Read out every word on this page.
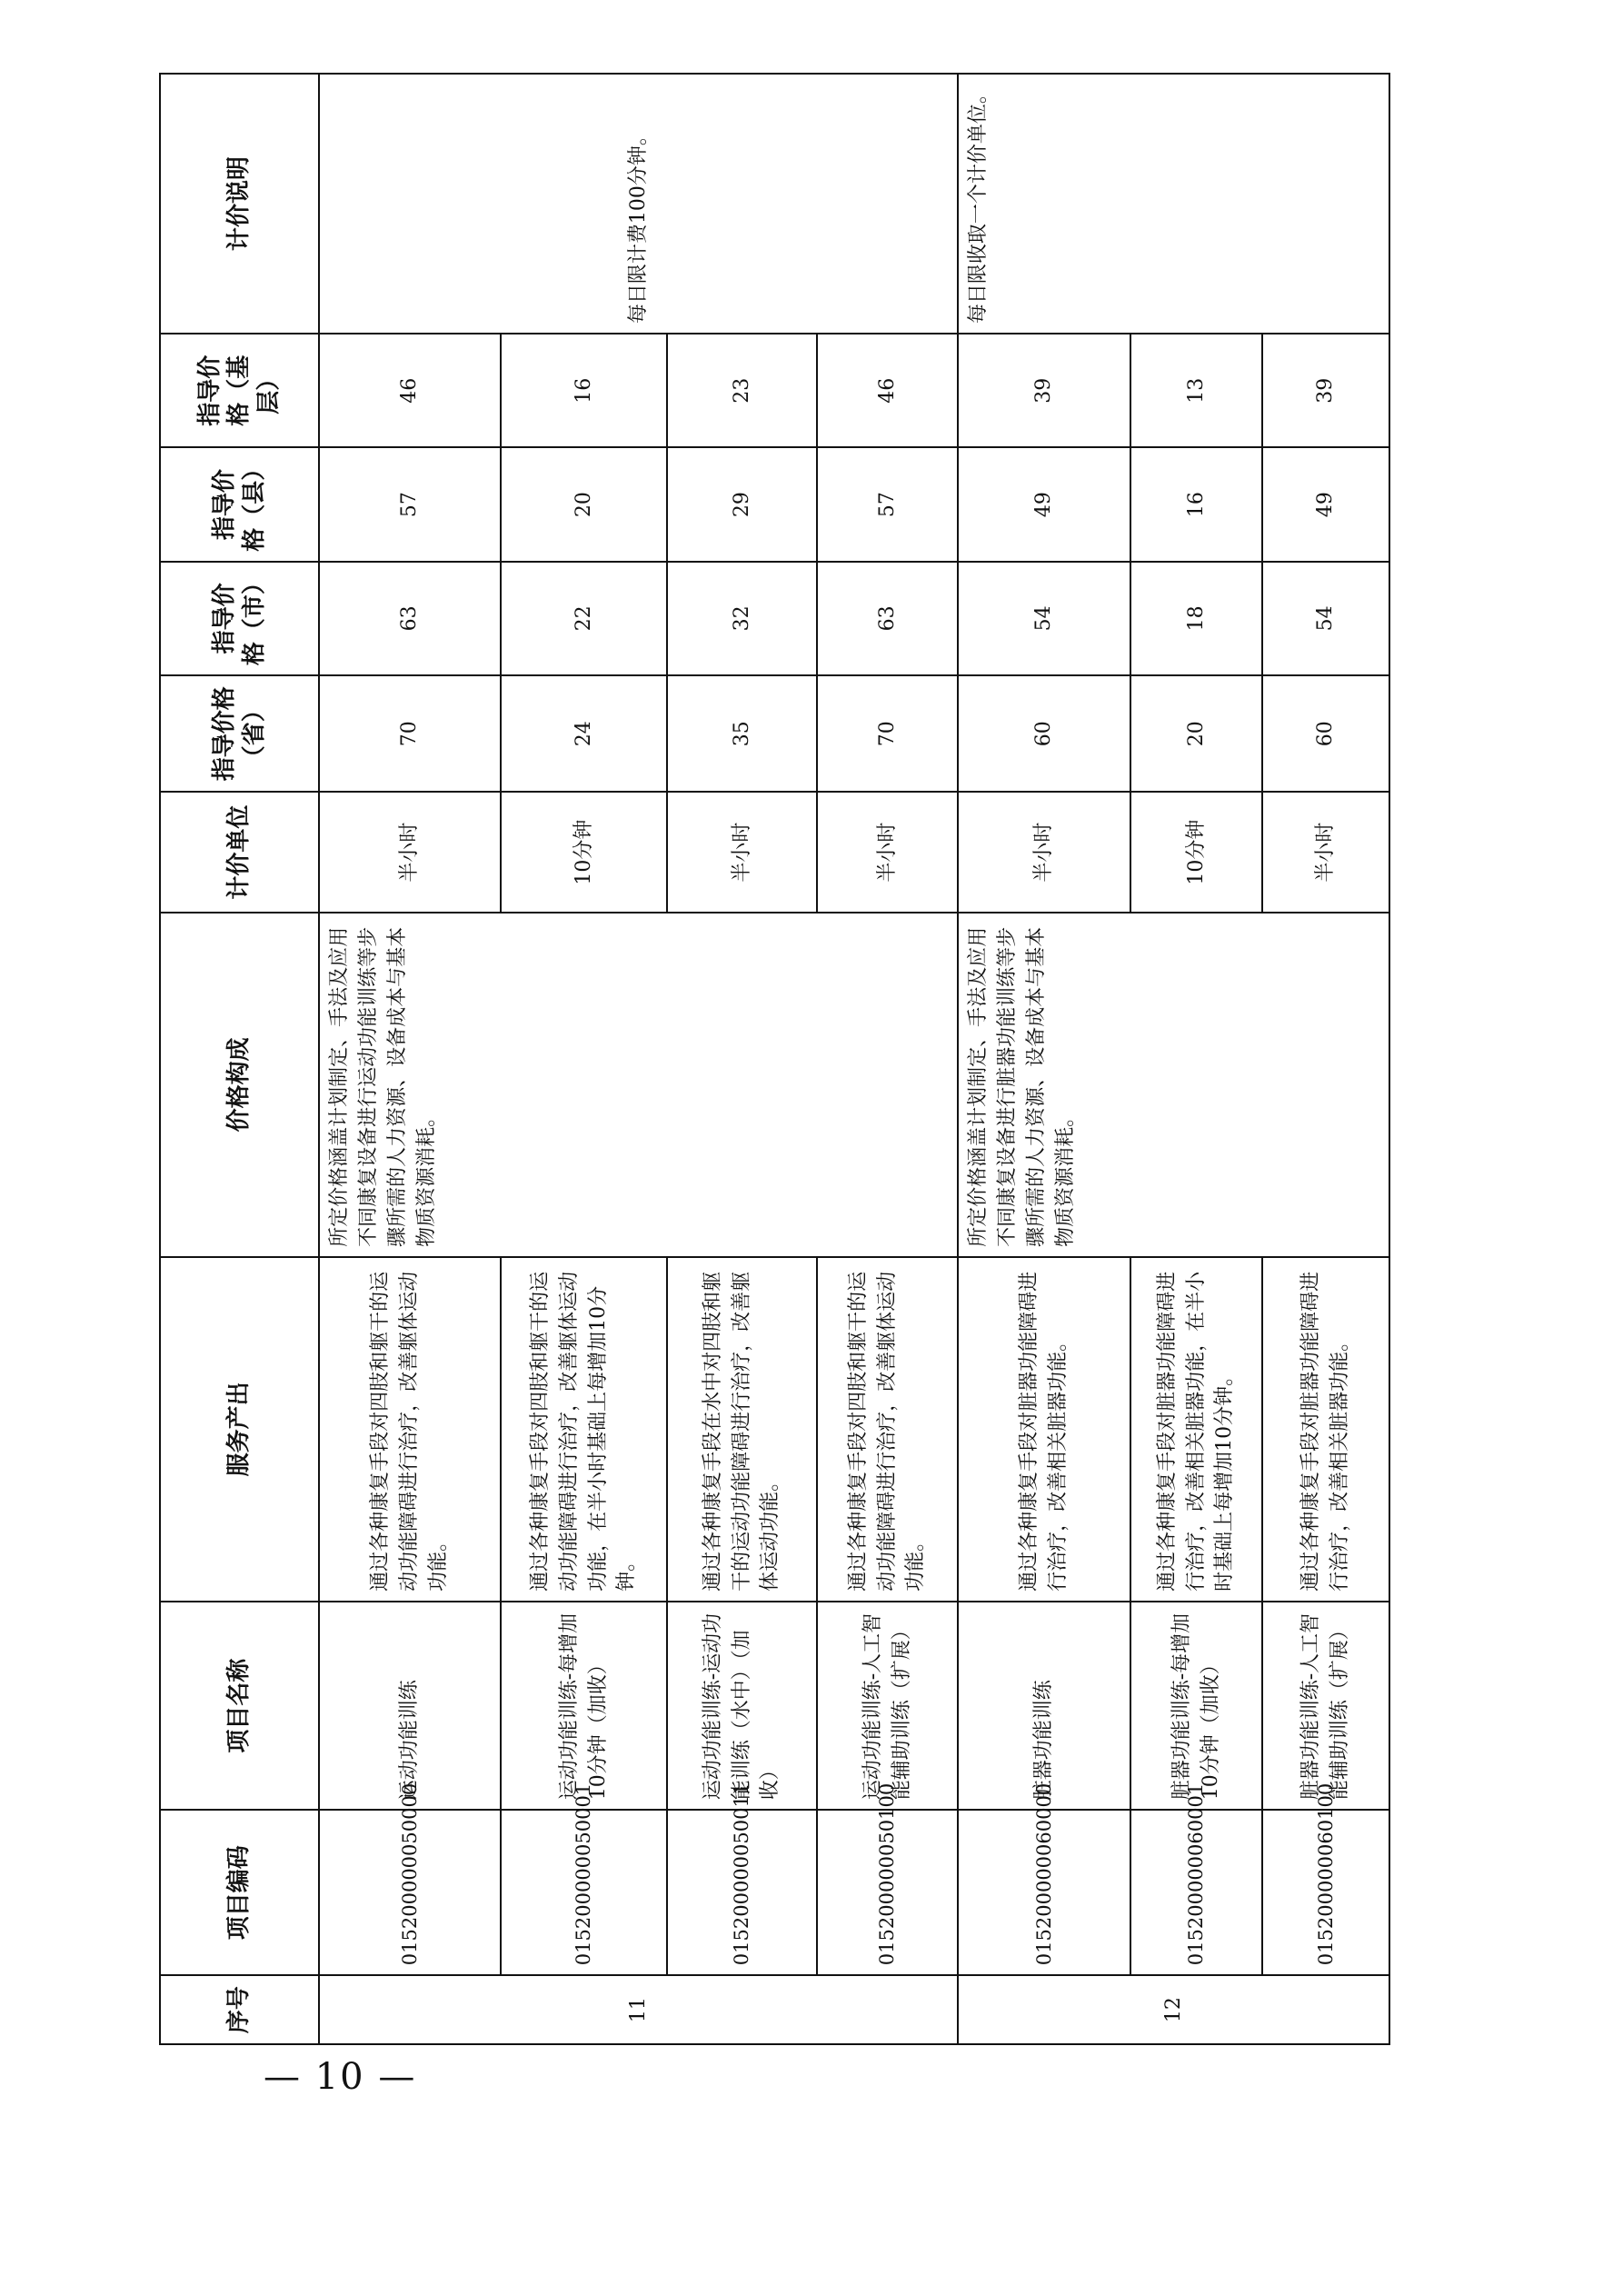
序号	项目编码	项目名称	服务产出	价格构成	计价单位	指导价格（省）	指导价格（市）	指导价格（县）	指导价格（基层）	计价说明
11	015200000050000	运动功能训练	通过各种康复手段对四肢和躯干的运动功能障碍进行治疗，改善躯体运动功能。	所定价格涵盖计划制定、手法及应用不同康复设备进行运动功能训练等步骤所需的人力资源、设备成本与基本物质资源消耗。	半小时	70	63	57	46	每日限计费100分钟。
	015200000050001	运动功能训练-每增加10分钟（加收）	通过各种康复手段对四肢和躯干的运动功能障碍进行治疗，改善躯体运动功能，在半小时基础上每增加10分钟。		10分钟	24	22	20	16	
	015200000050011	运动功能训练-运动功能训练（水中）（加收）	通过各种康复手段在水中对四肢和躯干的运动功能障碍进行治疗，改善躯体运动功能。		半小时	35	32	29	23	
	015200000050100	运动功能训练-人工智能辅助训练（扩展）	通过各种康复手段对四肢和躯干的运动功能障碍进行治疗，改善躯体运动功能。		半小时	70	63	57	46	
12	015200000060000	脏器功能训练	通过各种康复手段对脏器功能障碍进行治疗，改善相关脏器功能。	所定价格涵盖计划制定、手法及应用不同康复设备进行脏器功能训练等步骤所需的人力资源、设备成本与基本物质资源消耗。	半小时	60	54	49	39	每日限收取一个计价单位。
	015200000060001	脏器功能训练-每增加10分钟（加收）	通过各种康复手段对脏器功能障碍进行治疗，改善相关脏器功能，在半小时基础上每增加10分钟。		10分钟	20	18	16	13	
	015200000060100	脏器功能训练-人工智能辅助训练（扩展）	通过各种康复手段对脏器功能障碍进行治疗，改善相关脏器功能。		半小时	60	54	49	39	
— 10 —
